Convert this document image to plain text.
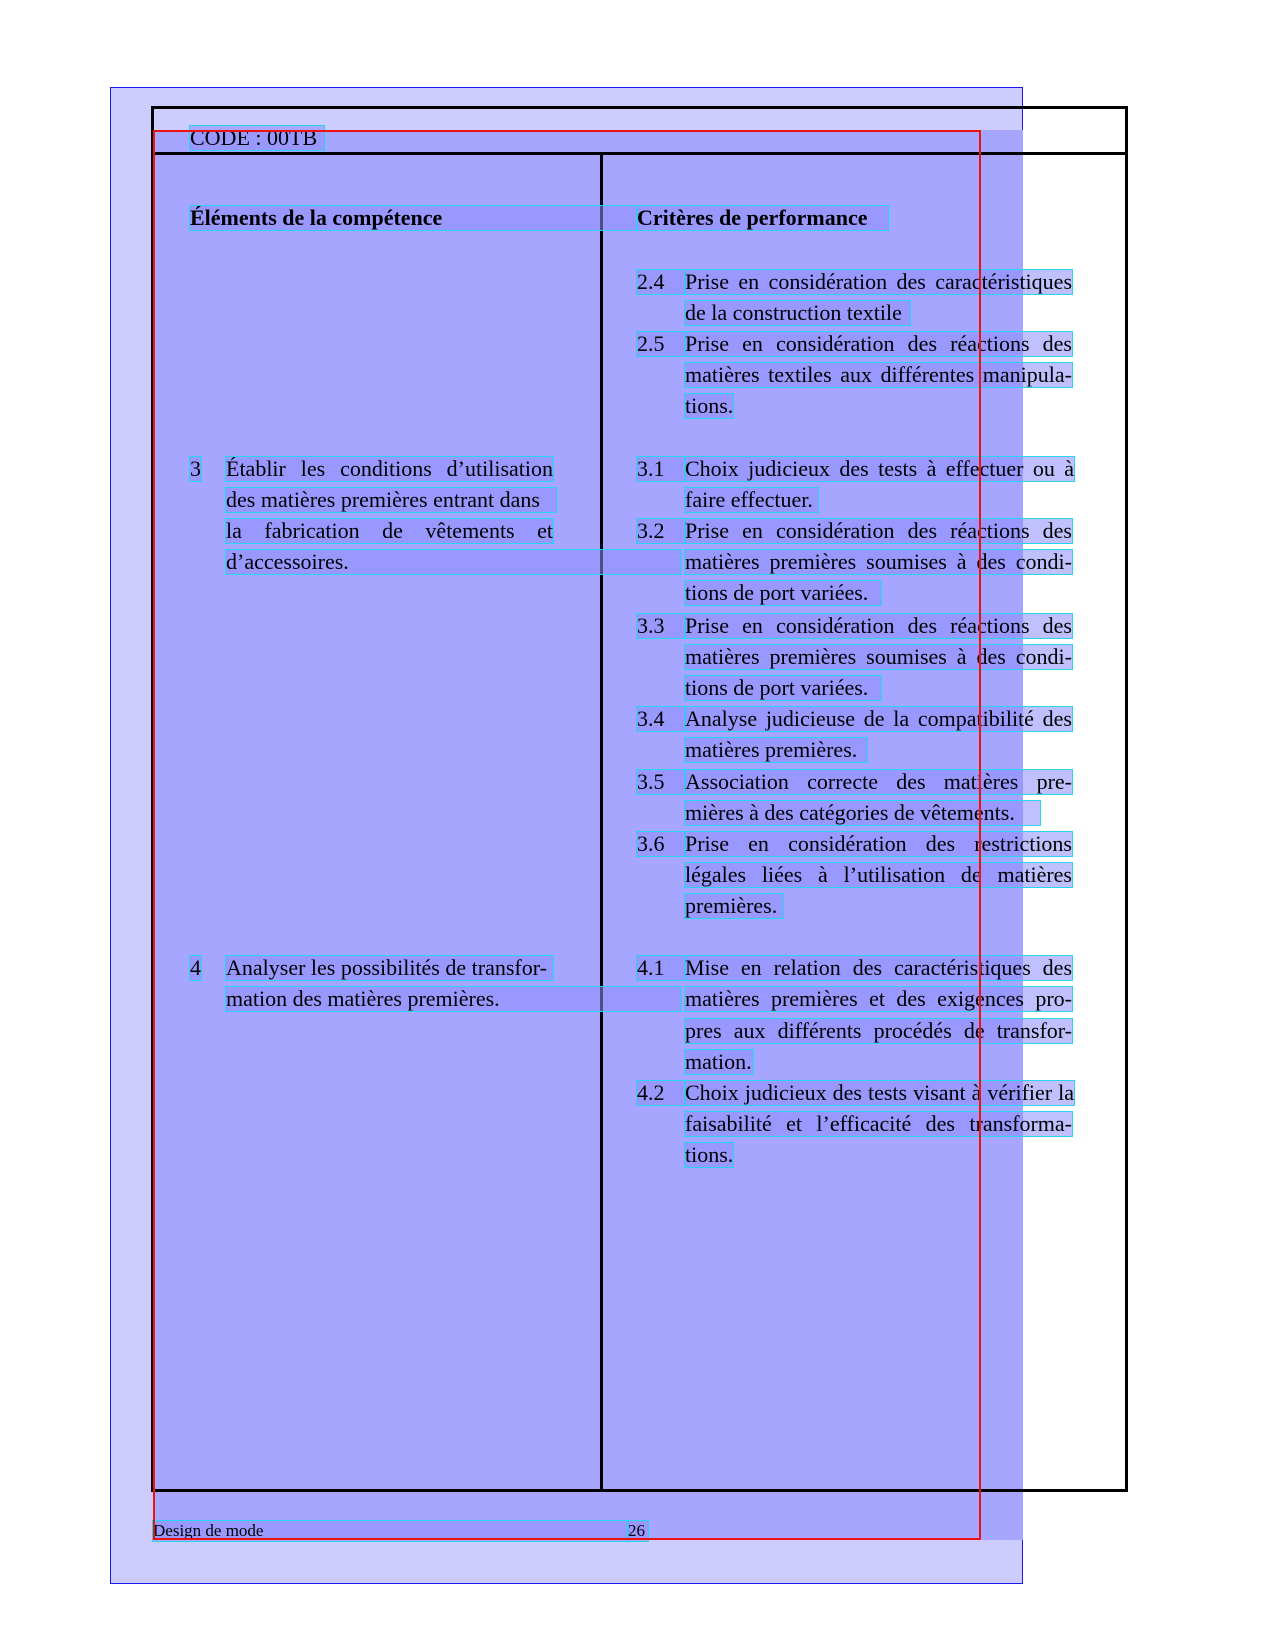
CODE : 00TB
Éléments de la compétence	Critères de performance
3 Établir les conditions d’utilisation
des matières premières entrant dans
la fabrication de vêtements et
d’accessoires.
4 Analyser les possibilités de transfor-
mation des matières premières.
2.4 Prise en considération des caractéristiques
de la construction textile
2.5 Prise en considération des réactions des
matières textiles aux différentes manipula-
tions.
3.1 Choix judicieux des tests à effectuer ou à
faire effectuer.
3.2 Prise en considération des réactions des
matières premières soumises à des condi-
tions de port variées.
3.3 Prise en considération des réactions des
matières premières soumises à des condi-
tions de port variées.
3.4 Analyse judicieuse de la compatibilité des
matières premières.
3.5 Association correcte des matières pre-
mières à des catégories de vêtements.
3.6 Prise en considération des restrictions
légales liées à l’utilisation de matières
premières.
4.1 Mise en relation des caractéristiques des
matières premières et des exigences pro-
pres aux différents procédés de transfor-
mation.
4.2 Choix judicieux des tests visant à vérifier la
faisabilité et l’efficacité des transforma-
tions.
Design de mode	26
